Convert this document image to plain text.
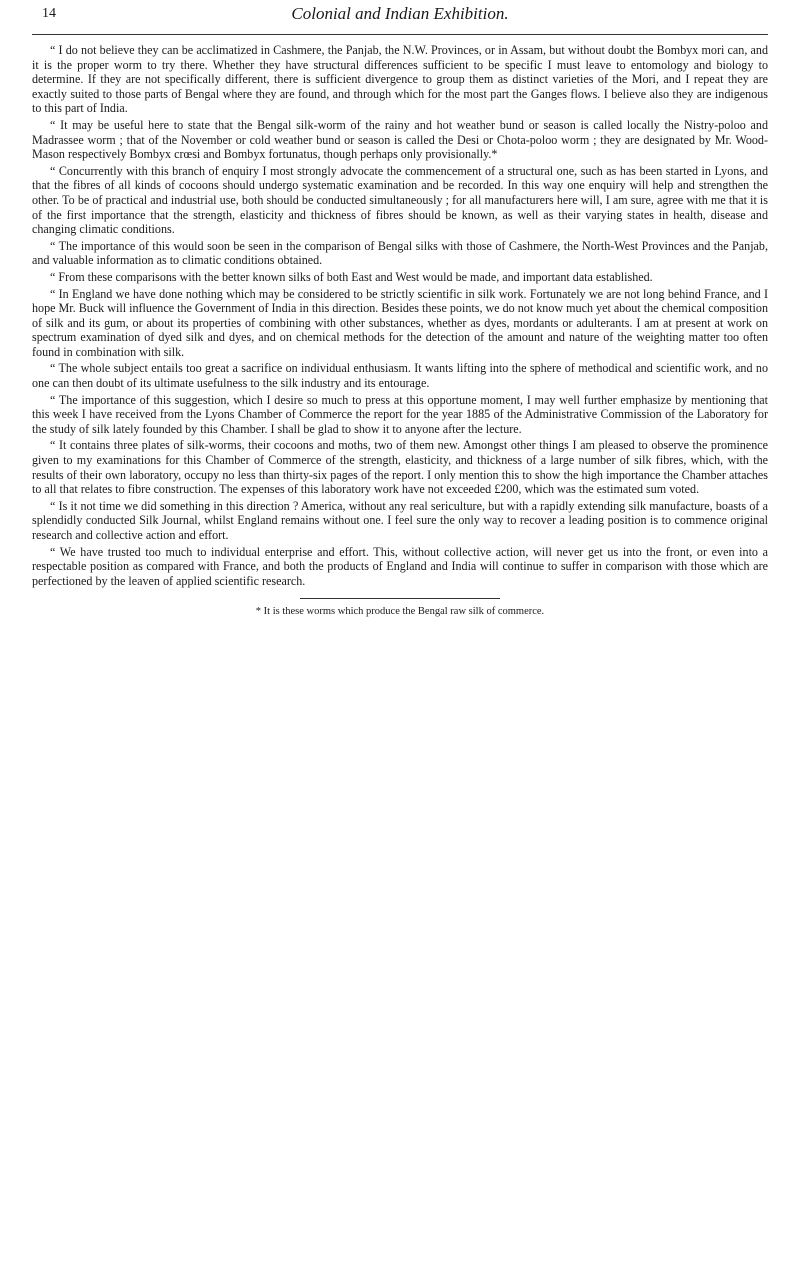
14	Colonial and Indian Exhibition.

“ I do not believe they can be acclimatized in Cashmere, the Panjab, the N.W. Provinces, or in Assam, but without doubt the Bombyx mori can, and it is the proper worm to try there. Whether they have structural differences sufficient to be specific I must leave to entomology and biology to determine. If they are not specifically different, there is sufficient divergence to group them as distinct varieties of the Mori, and I repeat they are exactly suited to those parts of Bengal where they are found, and through which for the most part the Ganges flows. I believe also they are indigenous to this part of India.

“ It may be useful here to state that the Bengal silk-worm of the rainy and hot weather bund or season is called locally the Nistry-poloo and Madrassee worm ; that of the November or cold weather bund or season is called the Desi or Chota-poloo worm ; they are designated by Mr. Wood-Mason respectively Bombyx crœsi and Bombyx fortunatus, though perhaps only provisionally.*

“ Concurrently with this branch of enquiry I most strongly advocate the commencement of a structural one, such as has been started in Lyons, and that the fibres of all kinds of cocoons should undergo systematic examination and be recorded. In this way one enquiry will help and strengthen the other. To be of practical and industrial use, both should be conducted simultaneously ; for all manufacturers here will, I am sure, agree with me that it is of the first importance that the strength, elasticity and thickness of fibres should be known, as well as their varying states in health, disease and changing climatic conditions.

“ The importance of this would soon be seen in the comparison of Bengal silks with those of Cashmere, the North-West Provinces and the Panjab, and valuable information as to climatic conditions obtained.

“ From these comparisons with the better known silks of both East and West would be made, and important data established.

“ In England we have done nothing which may be considered to be strictly scientific in silk work. Fortunately we are not long behind France, and I hope Mr. Buck will influence the Government of India in this direction. Besides these points, we do not know much yet about the chemical composition of silk and its gum, or about its properties of combining with other substances, whether as dyes, mordants or adulterants. I am at present at work on spectrum examination of dyed silk and dyes, and on chemical methods for the detection of the amount and nature of the weighting matter too often found in combination with silk.

“ The whole subject entails too great a sacrifice on individual enthusiasm. It wants lifting into the sphere of methodical and scientific work, and no one can then doubt of its ultimate usefulness to the silk industry and its entourage.

“ The importance of this suggestion, which I desire so much to press at this opportune moment, I may well further emphasize by mentioning that this week I have received from the Lyons Chamber of Commerce the report for the year 1885 of the Administrative Commission of the Laboratory for the study of silk lately founded by this Chamber. I shall be glad to show it to anyone after the lecture.

“ It contains three plates of silk-worms, their cocoons and moths, two of them new. Amongst other things I am pleased to observe the prominence given to my examinations for this Chamber of Commerce of the strength, elasticity, and thickness of a large number of silk fibres, which, with the results of their own laboratory, occupy no less than thirty-six pages of the report. I only mention this to show the high importance the Chamber attaches to all that relates to fibre construction. The expenses of this laboratory work have not exceeded £200, which was the estimated sum voted.

“ Is it not time we did something in this direction ? America, without any real sericulture, but with a rapidly extending silk manufacture, boasts of a splendidly conducted Silk Journal, whilst England remains without one. I feel sure the only way to recover a leading position is to commence original research and collective action and effort.

“ We have trusted too much to individual enterprise and effort. This, without collective action, will never get us into the front, or even into a respectable position as compared with France, and both the products of England and India will continue to suffer in comparison with those which are perfectioned by the leaven of applied scientific research.

* It is these worms which produce the Bengal raw silk of commerce.
